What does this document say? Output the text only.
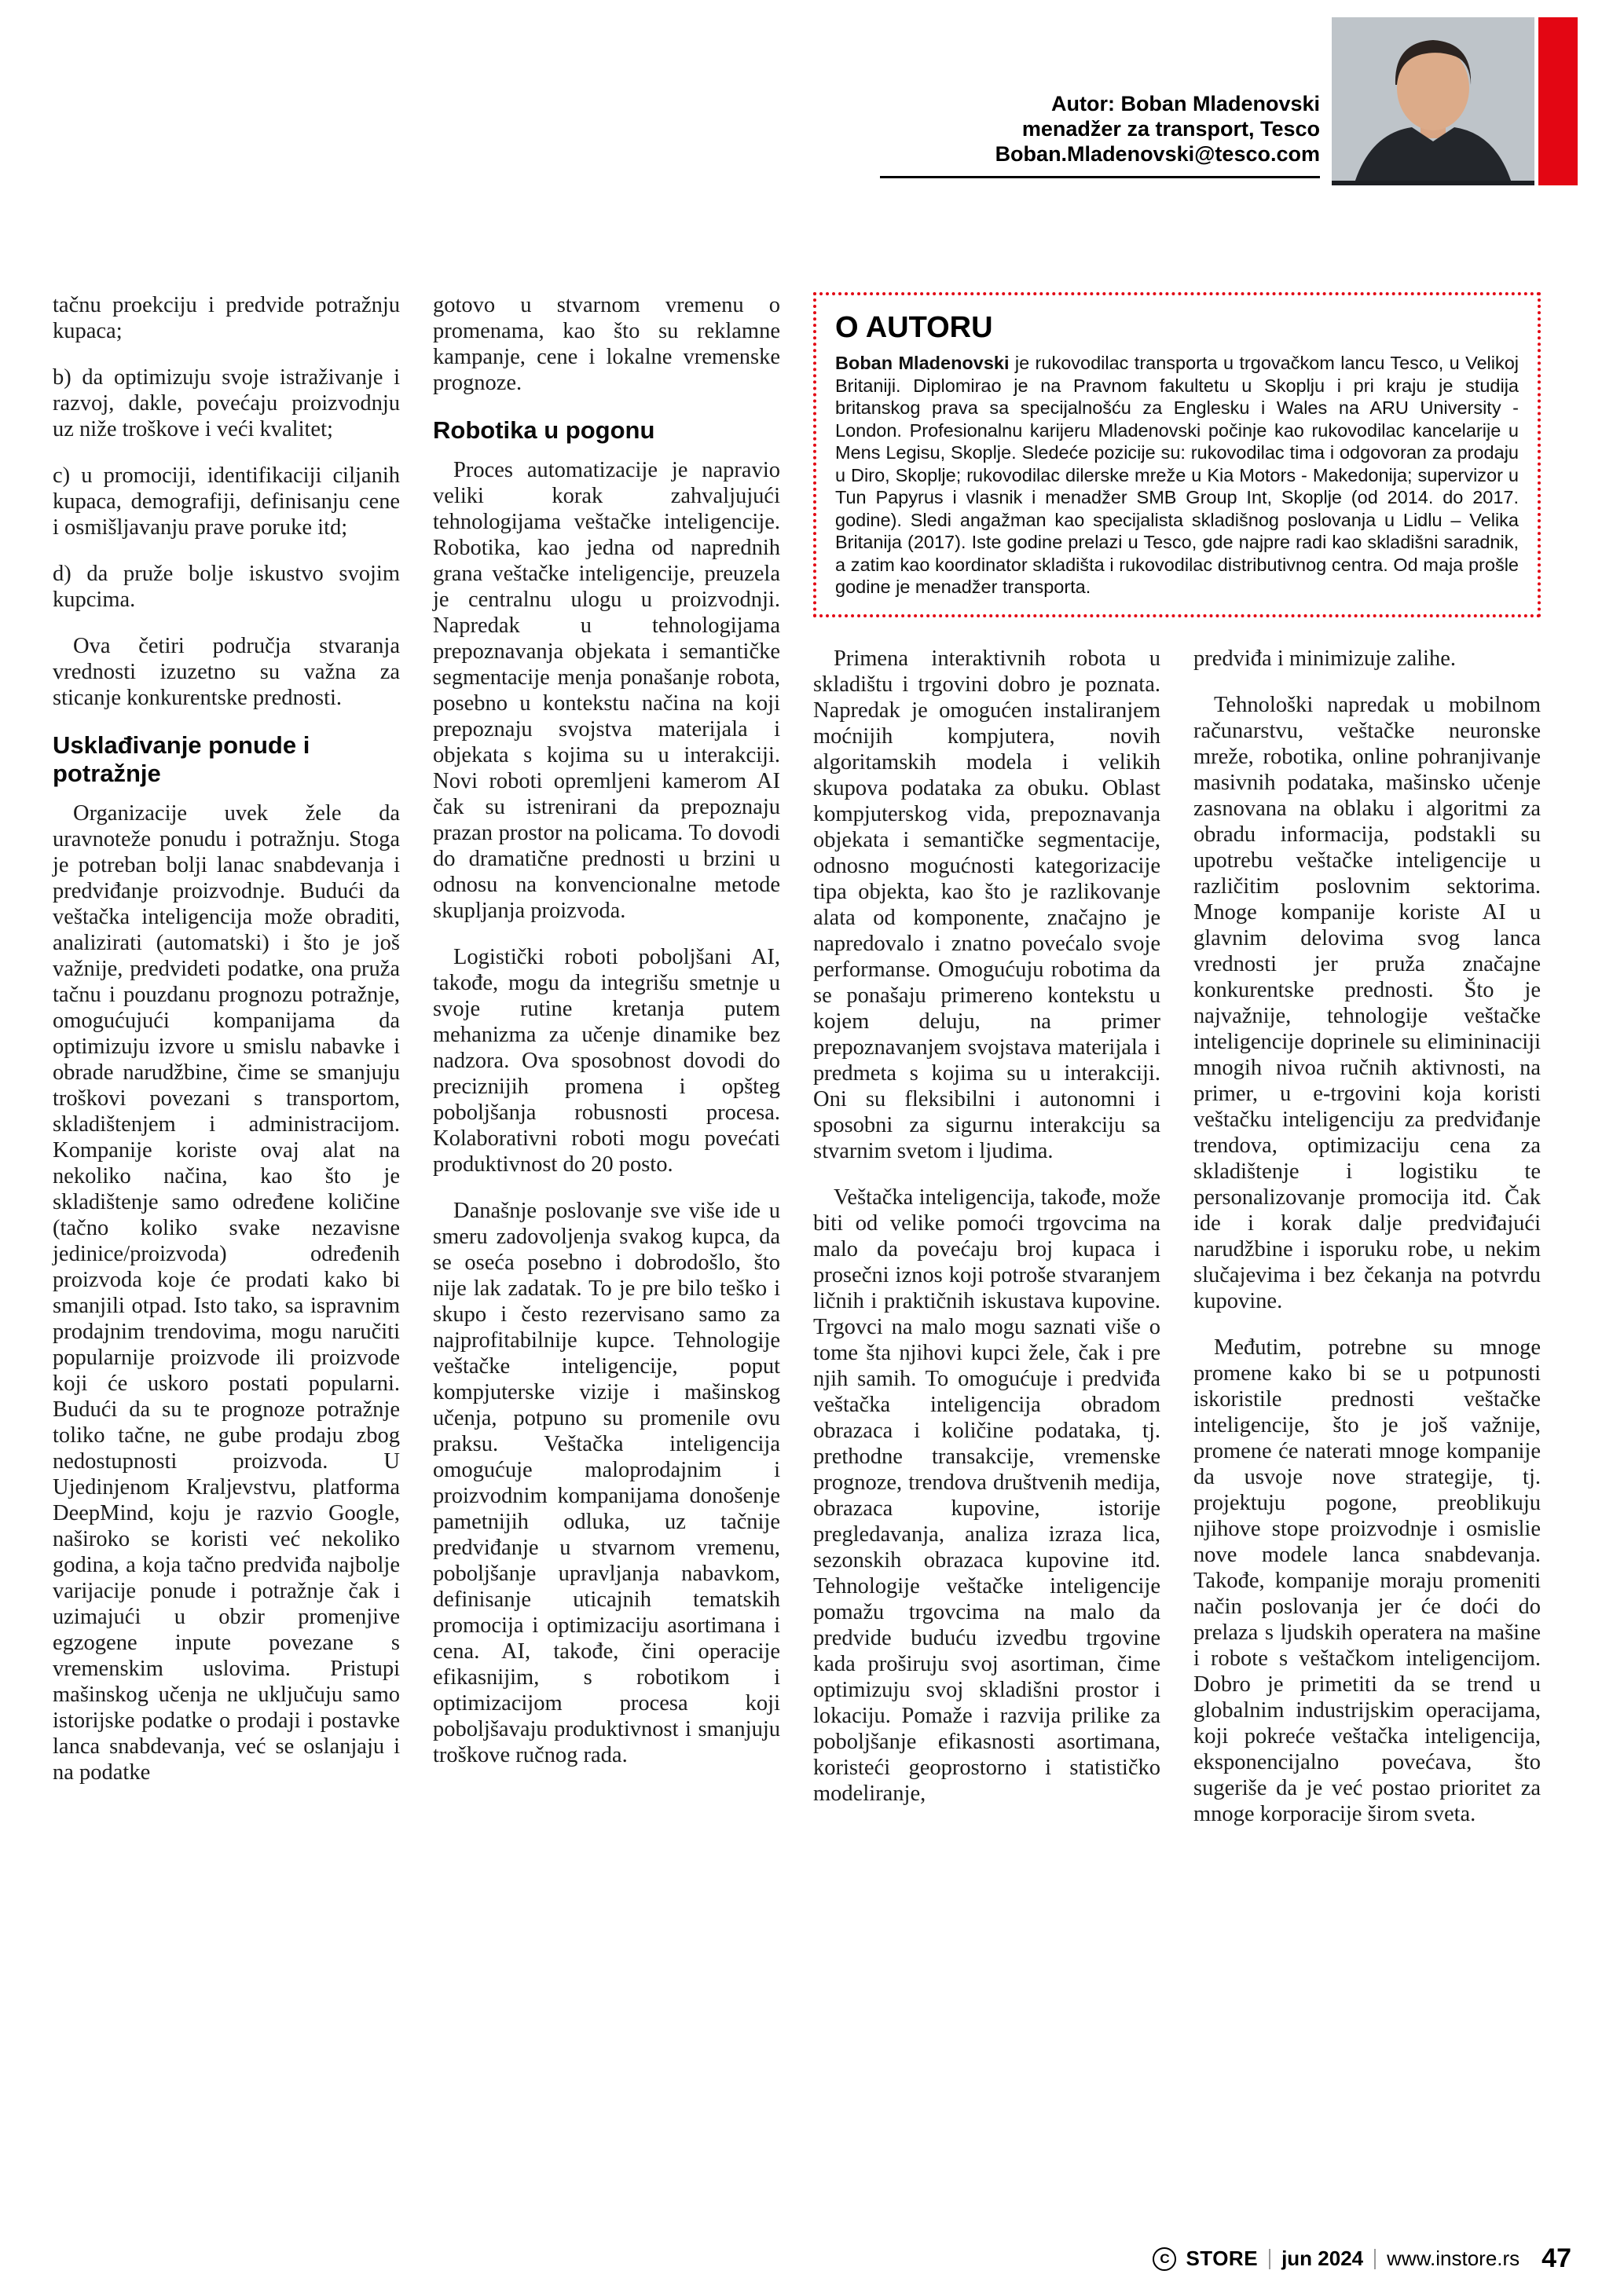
Autor: Boban Mladenovski
menadžer za transport, Tesco
Boban.Mladenovski@tesco.com

tačnu proekciju i predvide potražnju kupaca;

b) da optimizuju svoje istraživanje i razvoj, dakle, povećaju proizvodnju uz niže troškove i veći kvalitet;

c) u promociji, identifikaciji ciljanih kupaca, demografiji, definisanju cene i osmišljavanju prave poruke itd;

d) da pruže bolje iskustvo svojim kupcima.

Ova četiri područja stvaranja vrednosti izuzetno su važna za sticanje konkurentske prednosti.

Usklađivanje ponude i potražnje

Organizacije uvek žele da uravnoteže ponudu i potražnju. Stoga je potreban bolji lanac snabdevanja i predviđanje proizvodnje. Budući da veštačka inteligencija može obraditi, analizirati (automatski) i što je još važnije, predvideti podatke, ona pruža tačnu i pouzdanu prognozu potražnje, omogućujući kompanijama da optimizuju izvore u smislu nabavke i obrade narudžbine, čime se smanjuju troškovi povezani s transportom, skladištenjem i administracijom. Kompanije koriste ovaj alat na nekoliko načina, kao što je skladištenje samo određene količine (tačno koliko svake nezavisne jedinice/proizvoda) određenih proizvoda koje će prodati kako bi smanjili otpad. Isto tako, sa ispravnim prodajnim trendovima, mogu naručiti popularnije proizvode ili proizvode koji će uskoro postati popularni. Budući da su te prognoze potražnje toliko tačne, ne gube prodaju zbog nedostupnosti proizvoda. U Ujedinjenom Kraljevstvu, platforma DeepMind, koju je razvio Google, naširoko se koristi već nekoliko godina, a koja tačno predviđa najbolje varijacije ponude i potražnje čak i uzimajući u obzir promenjive egzogene inpute povezane s vremenskim uslovima. Pristupi mašinskog učenja ne uključuju samo istorijske podatke o prodaji i postavke lanca snabdevanja, već se oslanjaju i na podatke

gotovo u stvarnom vremenu o promenama, kao što su reklamne kampanje, cene i lokalne vremenske prognoze.

Robotika u pogonu

Proces automatizacije je napravio veliki korak zahvaljujući tehnologijama veštačke inteligencije. Robotika, kao jedna od naprednih grana veštačke inteligencije, preuzela je centralnu ulogu u proizvodnji. Napredak u tehnologijama prepoznavanja objekata i semantičke segmentacije menja ponašanje robota, posebno u kontekstu načina na koji prepoznaju svojstva materijala i objekata s kojima su u interakciji. Novi roboti opremljeni kamerom AI čak su istrenirani da prepoznaju prazan prostor na policama. To dovodi do dramatične prednosti u brzini u odnosu na konvencionalne metode skupljanja proizvoda.

Logistički roboti poboljšani AI, takođe, mogu da integrišu smetnje u svoje rutine kretanja putem mehanizma za učenje dinamike bez nadzora. Ova sposobnost dovodi do preciznijih promena i opšteg poboljšanja robusnosti procesa. Kolaborativni roboti mogu povećati produktivnost do 20 posto.

Današnje poslovanje sve više ide u smeru zadovoljenja svakog kupca, da se oseća posebno i dobrodošlo, što nije lak zadatak. To je pre bilo teško i skupo i često rezervisano samo za najprofitabilnije kupce. Tehnologije veštačke inteligencije, poput kompjuterske vizije i mašinskog učenja, potpuno su promenile ovu praksu. Veštačka inteligencija omogućuje maloprodajnim i proizvodnim kompanijama donošenje pametnijih odluka, uz tačnije predviđanje u stvarnom vremenu, poboljšanje upravljanja nabavkom, definisanje uticajnih tematskih promocija i optimizaciju asortimana i cena. AI, takođe, čini operacije efikasnijim, s robotikom i optimizacijom procesa koji poboljšavaju produktivnost i smanjuju troškove ručnog rada.

O AUTORU

Boban Mladenovski je rukovodilac transporta u trgovačkom lancu Tesco, u Velikoj Britaniji. Diplomirao je na Pravnom fakultetu u Skoplju i pri kraju je studija britanskog prava sa specijalnošću za Englesku i Wales na ARU University - London. Profesionalnu karijeru Mladenovski počinje kao rukovodilac kancelarije u Mens Legisu, Skoplje. Sledeće pozicije su: rukovodilac tima i odgovoran za prodaju u Diro, Skoplje; rukovodilac dilerske mreže u Kia Motors - Makedonija; supervizor u Tun Papyrus i vlasnik i menadžer SMB Group Int, Skoplje (od 2014. do 2017. godine). Sledi angažman kao specijalista skladišnog poslovanja u Lidlu – Velika Britanija (2017). Iste godine prelazi u Tesco, gde najpre radi kao skladišni saradnik, a zatim kao koordinator skladišta i rukovodilac distributivnog centra. Od maja prošle godine je menadžer transporta.

Primena interaktivnih robota u skladištu i trgovini dobro je poznata. Napredak je omogućen instaliranjem moćnijih kompjutera, novih algoritamskih modela i velikih skupova podataka za obuku. Oblast kompjuterskog vida, prepoznavanja objekata i semantičke segmentacije, odnosno mogućnosti kategorizacije tipa objekta, kao što je razlikovanje alata od komponente, značajno je napredovalo i znatno povećalo svoje performanse. Omogućuju robotima da se ponašaju primereno kontekstu u kojem deluju, na primer prepoznavanjem svojstava materijala i predmeta s kojima su u interakciji. Oni su fleksibilni i autonomni i sposobni za sigurnu interakciju sa stvarnim svetom i ljudima.

Veštačka inteligencija, takođe, može biti od velike pomoći trgovcima na malo da povećaju broj kupaca i prosečni iznos koji potroše stvaranjem ličnih i praktičnih iskustava kupovine. Trgovci na malo mogu saznati više o tome šta njihovi kupci žele, čak i pre njih samih. To omogućuje i predviđa veštačka inteligencija obradom obrazaca i količine podataka, tj. prethodne transakcije, vremenske prognoze, trendova društvenih medija, obrazaca kupovine, istorije pregledavanja, analiza izraza lica, sezonskih obrazaca kupovine itd. Tehnologije veštačke inteligencije pomažu trgovcima na malo da predvide buduću izvedbu trgovine kada proširuju svoj asortiman, čime optimizuju svoj skladišni prostor i lokaciju. Pomaže i razvija prilike za poboljšanje efikasnosti asortimana, koristeći geoprostorno i statističko modeliranje,

predviđa i minimizuje zalihe.

Tehnološki napredak u mobilnom računarstvu, veštačke neuronske mreže, robotika, online pohranjivanje masivnih podataka, mašinsko učenje zasnovana na oblaku i algoritmi za obradu informacija, podstakli su upotrebu veštačke inteligencije u različitim poslovnim sektorima. Mnoge kompanije koriste AI u glavnim delovima svog lanca vrednosti jer pruža značajne konkurentske prednosti. Što je najvažnije, tehnologije veštačke inteligencije doprinele su elimininaciji mnogih nivoa ručnih aktivnosti, na primer, u e-trgovini koja koristi veštačku inteligenciju za predviđanje trendova, optimizaciju cena za skladištenje i logistiku te personalizovanje promocija itd. Čak ide i korak dalje predviđajući narudžbine i isporuku robe, u nekim slučajevima i bez čekanja na potvrdu kupovine.

Međutim, potrebne su mnoge promene kako bi se u potpunosti iskoristile prednosti veštačke inteligencije, što je još važnije, promene će naterati mnoge kompanije da usvoje nove strategije, tj. projektuju pogone, preoblikuju njihove stope proizvodnje i osmislie nove modele lanca snabdevanja. Takođe, kompanije moraju promeniti način poslovanja jer će doći do prelaza s ljudskih operatera na mašine i robote s veštačkom inteligencijom. Dobro je primetiti da se trend u globalnim industrijskim operacijama, koji pokreće veštačka inteligencija, eksponencijalno povećava, što sugeriše da je već postao prioritet za mnoge korporacije širom sveta.

C STORE jun 2024 www.instore.rs 47
